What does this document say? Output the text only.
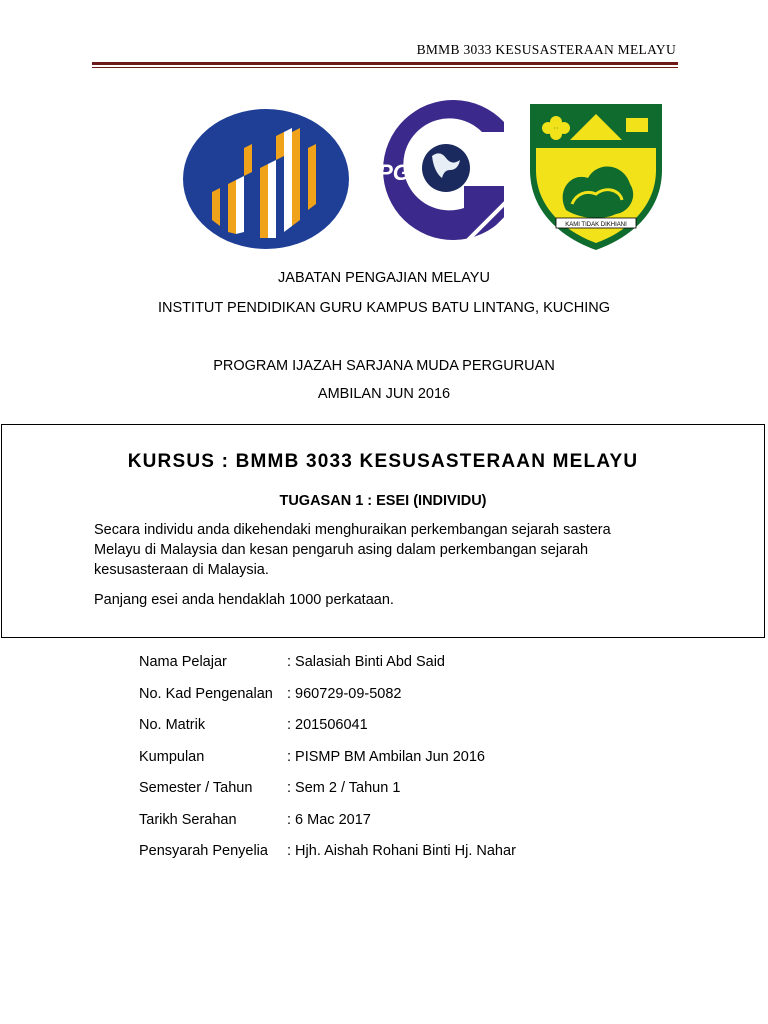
BMMB 3033 KESUSASTERAAN MELAYU
iPG
KAMI TIDAK DIKHIANI
JABATAN PENGAJIAN MELAYU
INSTITUT PENDIDIKAN GURU KAMPUS BATU LINTANG, KUCHING
PROGRAM IJAZAH SARJANA MUDA PERGURUAN
AMBILAN JUN 2016
KURSUS : BMMB 3033 KESUSASTERAAN MELAYU
TUGASAN 1 : ESEI (INDIVIDU)
Secara individu anda dikehendaki menghuraikan perkembangan sejarah sastera
Melayu di Malaysia dan kesan pengaruh asing dalam perkembangan sejarah
kesusasteraan di Malaysia.
Panjang esei anda hendaklah 1000 perkataan.
Nama Pelajar	: Salasiah Binti Abd Said
No. Kad Pengenalan : 960729-09-5082
No. Matrik	: 201506041
Kumpulan	: PISMP BM Ambilan Jun 2016
Semester / Tahun : Sem 2 / Tahun 1
Tarikh Serahan	: 6 Mac 2017
Pensyarah Penyelia : Hjh. Aishah Rohani Binti Hj. Nahar
